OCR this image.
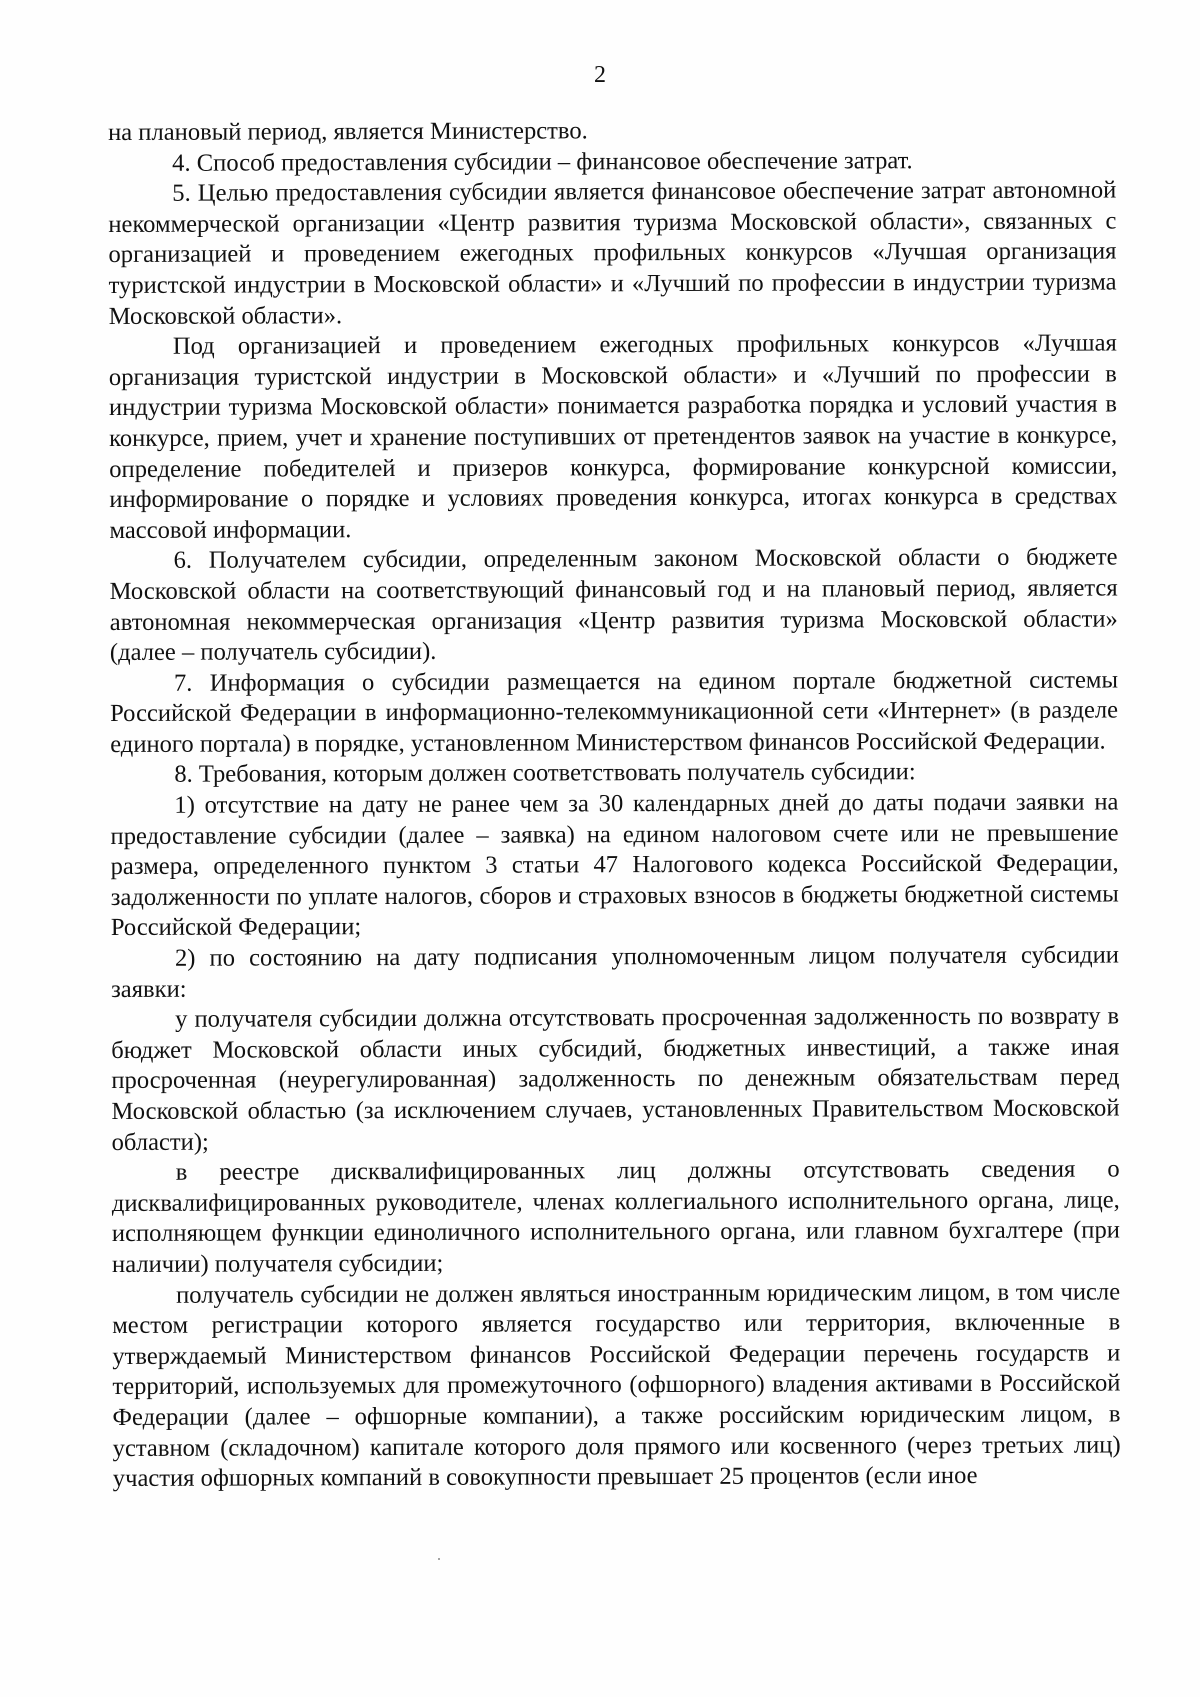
2

на плановый период, является Министерство.

4. Способ предоставления субсидии – финансовое обеспечение затрат.

5. Целью предоставления субсидии является финансовое обеспечение затрат автономной некоммерческой организации «Центр развития туризма Московской области», связанных с организацией и проведением ежегодных профильных конкурсов «Лучшая организация туристской индустрии в Московской области» и «Лучший по профессии в индустрии туризма Московской области».

Под организацией и проведением ежегодных профильных конкурсов «Лучшая организация туристской индустрии в Московской области» и «Лучший по профессии в индустрии туризма Московской области» понимается разработка порядка и условий участия в конкурсе, прием, учет и хранение поступивших от претендентов заявок на участие в конкурсе, определение победителей и призеров конкурса, формирование конкурсной комиссии, информирование о порядке и условиях проведения конкурса, итогах конкурса в средствах массовой информации.

6. Получателем субсидии, определенным законом Московской области о бюджете Московской области на соответствующий финансовый год и на плановый период, является автономная некоммерческая организация «Центр развития туризма Московской области» (далее – получатель субсидии).

7. Информация о субсидии размещается на едином портале бюджетной системы Российской Федерации в информационно-телекоммуникационной сети «Интернет» (в разделе единого портала) в порядке, установленном Министерством финансов Российской Федерации.

8. Требования, которым должен соответствовать получатель субсидии:

1) отсутствие на дату не ранее чем за 30 календарных дней до даты подачи заявки на предоставление субсидии (далее – заявка) на едином налоговом счете или не превышение размера, определенного пунктом 3 статьи 47 Налогового кодекса Российской Федерации, задолженности по уплате налогов, сборов и страховых взносов в бюджеты бюджетной системы Российской Федерации;

2) по состоянию на дату подписания уполномоченным лицом получателя субсидии заявки:

у получателя субсидии должна отсутствовать просроченная задолженность по возврату в бюджет Московской области иных субсидий, бюджетных инвестиций, а также иная просроченная (неурегулированная) задолженность по денежным обязательствам перед Московской областью (за исключением случаев, установленных Правительством Московской области);

в реестре дисквалифицированных лиц должны отсутствовать сведения о дисквалифицированных руководителе, членах коллегиального исполнительного органа, лице, исполняющем функции единоличного исполнительного органа, или главном бухгалтере (при наличии) получателя субсидии;

получатель субсидии не должен являться иностранным юридическим лицом, в том числе местом регистрации которого является государство или территория, включенные в утверждаемый Министерством финансов Российской Федерации перечень государств и территорий, используемых для промежуточного (офшорного) владения активами в Российской Федерации (далее – офшорные компании), а также российским юридическим лицом, в уставном (складочном) капитале которого доля прямого или косвенного (через третьих лиц) участия офшорных компаний в совокупности превышает 25 процентов (если иное
